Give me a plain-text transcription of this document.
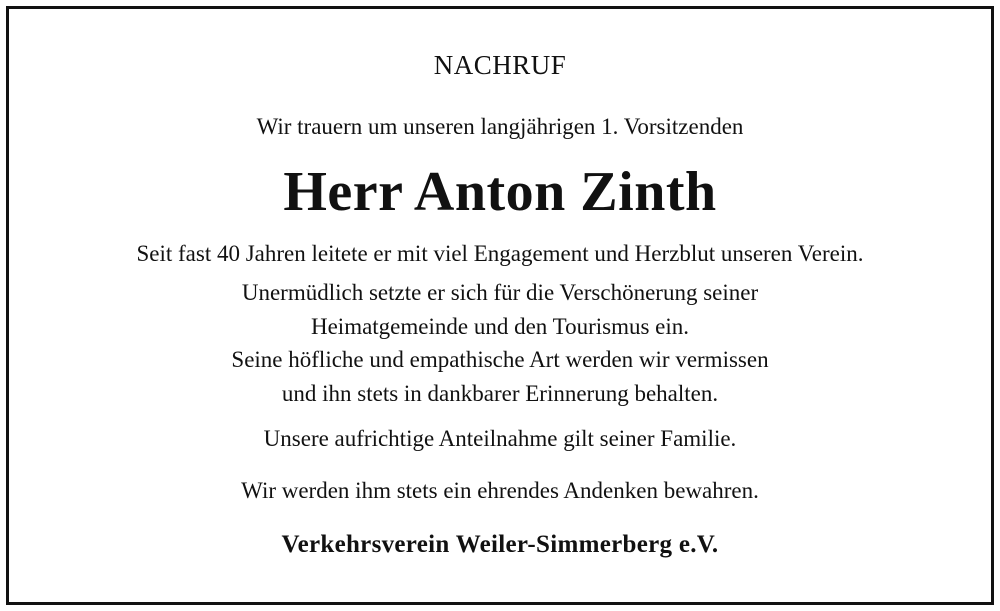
NACHRUF
Wir trauern um unseren langjährigen 1. Vorsitzenden
Herr Anton Zinth
Seit fast 40 Jahren leitete er mit viel Engagement und Herzblut unseren Verein.
Unermüdlich setzte er sich für die Verschönerung seiner
Heimatgemeinde und den Tourismus ein.
Seine höfliche und empathische Art werden wir vermissen
und ihn stets in dankbarer Erinnerung behalten.
Unsere aufrichtige Anteilnahme gilt seiner Familie.
Wir werden ihm stets ein ehrendes Andenken bewahren.
Verkehrsverein Weiler-Simmerberg e.V.
